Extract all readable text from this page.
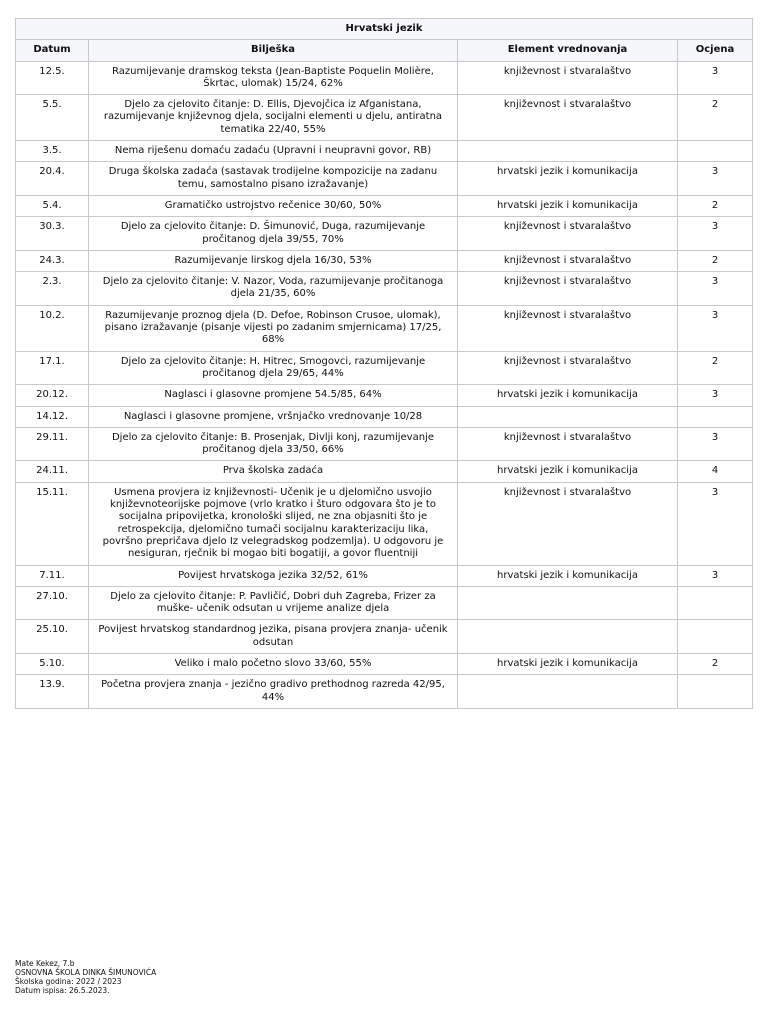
Hrvatski jezik			
Datum	Bilješka	Element vrednovanja	Ocjena
12.5.	Razumijevanje dramskog teksta (Jean-Baptiste Poquelin Molière, Škrtac, ulomak) 15/24, 62%	književnost i stvaralaštvo	3
5.5.	Djelo za cjelovito čitanje: D. Ellis, Djevojčica iz Afganistana, razumijevanje književnog djela, socijalni elementi u djelu, antiratna tematika 22/40, 55%	književnost i stvaralaštvo	2
3.5.	Nema riješenu domaću zadaću (Upravni i neupravni govor, RB)		
20.4.	Druga školska zadaća (sastavak trodijelne kompozicije na zadanu temu, samostalno pisano izražavanje)	hrvatski jezik i komunikacija	3
5.4.	Gramatičko ustrojstvo rečenice 30/60, 50%	hrvatski jezik i komunikacija	2
30.3.	Djelo za cjelovito čitanje: D. Šimunović, Duga, razumijevanje pročitanog djela 39/55, 70%	književnost i stvaralaštvo	3
24.3.	Razumijevanje lirskog djela 16/30, 53%	književnost i stvaralaštvo	2
2.3.	Djelo za cjelovito čitanje: V. Nazor, Voda, razumijevanje pročitanoga djela 21/35, 60%	književnost i stvaralaštvo	3
10.2.	Razumijevanje proznog djela (D. Defoe, Robinson Crusoe, ulomak), pisano izražavanje (pisanje vijesti po zadanim smjernicama) 17/25, 68%	književnost i stvaralaštvo	3
17.1.	Djelo za cjelovito čitanje: H. Hitrec, Smogovci, razumijevanje pročitanog djela 29/65, 44%	književnost i stvaralaštvo	2
20.12.	Naglasci i glasovne promjene 54.5/85, 64%	hrvatski jezik i komunikacija	3
14.12.	Naglasci i glasovne promjene, vršnjačko vrednovanje 10/28		
29.11.	Djelo za cjelovito čitanje: B. Prosenjak, Divlji konj, razumijevanje pročitanog djela 33/50, 66%	književnost i stvaralaštvo	3
24.11.	Prva školska zadaća	hrvatski jezik i komunikacija	4
15.11.	Usmena provjera iz književnosti- Učenik je u djelomično usvojio književnoteorijske pojmove (vrlo kratko i šturo odgovara što je to socijalna pripovijetka, kronološki slijed, ne zna objasniti što je retrospekcija, djelomično tumači socijalnu karakterizaciju lika, površno prepričava djelo Iz velegradskog podzemlja). U odgovoru je nesiguran, rječnik bi mogao biti bogatiji, a govor fluentniji	književnost i stvaralaštvo	3
7.11.	Povijest hrvatskoga jezika 32/52, 61%	hrvatski jezik i komunikacija	3
27.10.	Djelo za cjelovito čitanje: P. Pavličić, Dobri duh Zagreba, Frizer za muške- učenik odsutan u vrijeme analize djela		
25.10.	Povijest hrvatskog standardnog jezika, pisana provjera znanja- učenik odsutan		
5.10.	Veliko i malo početno slovo 33/60, 55%	hrvatski jezik i komunikacija	2
13.9.	Početna provjera znanja - jezično gradivo prethodnog razreda 42/95, 44%		
Mate Kekez, 7.b
OSNOVNA ŠKOLA DINKA ŠIMUNOVIĆA
Školska godina: 2022 / 2023
Datum ispisa: 26.5.2023.
